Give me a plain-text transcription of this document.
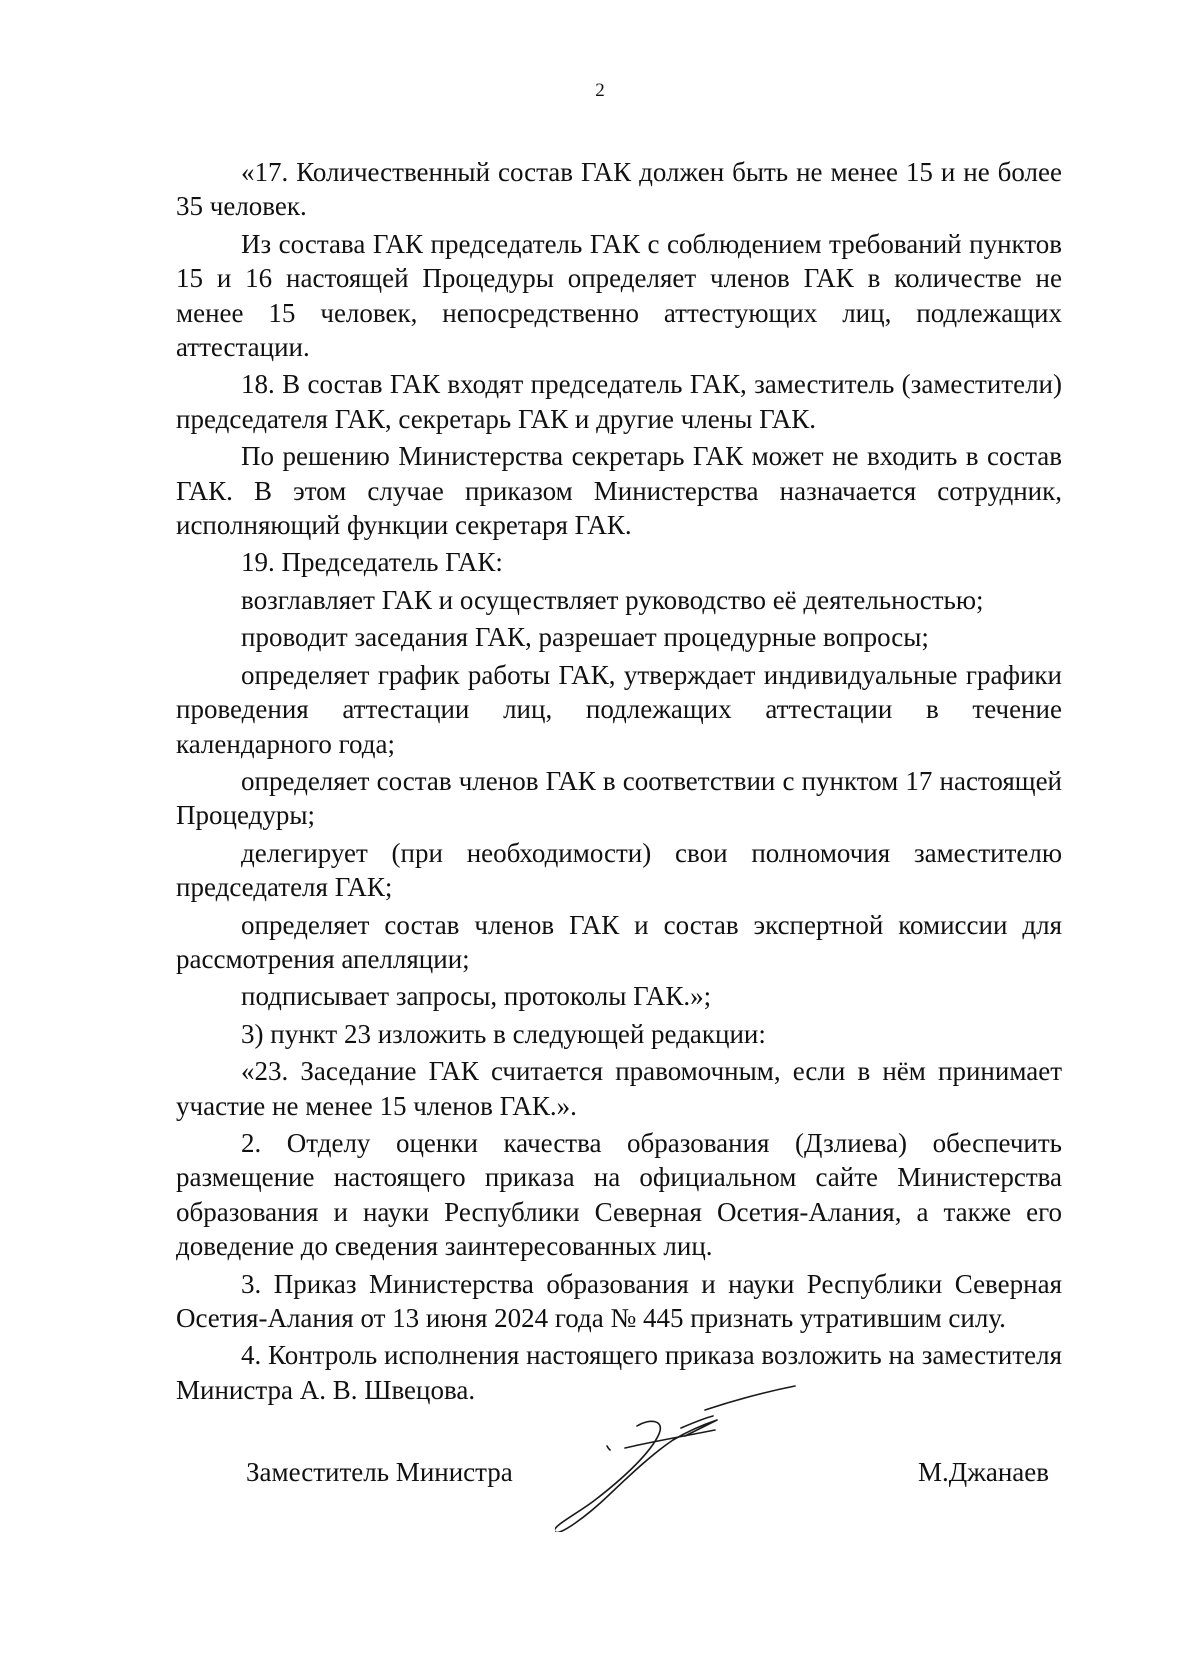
2

«17. Количественный состав ГАК должен быть не менее 15 и не более 35 человек.

Из состава ГАК председатель ГАК с соблюдением требований пунктов 15 и 16 настоящей Процедуры определяет членов ГАК в количестве не менее 15 человек, непосредственно аттестующих лиц, подлежащих аттестации.

18. В состав ГАК входят председатель ГАК, заместитель (заместители) председателя ГАК, секретарь ГАК и другие члены ГАК.

По решению Министерства секретарь ГАК может не входить в состав ГАК. В этом случае приказом Министерства назначается сотрудник, исполняющий функции секретаря ГАК.

19. Председатель ГАК:

возглавляет ГАК и осуществляет руководство её деятельностью;

проводит заседания ГАК, разрешает процедурные вопросы;

определяет график работы ГАК, утверждает индивидуальные графики проведения аттестации лиц, подлежащих аттестации в течение календарного года;

определяет состав членов ГАК в соответствии с пунктом 17 настоящей Процедуры;

делегирует (при необходимости) свои полномочия заместителю председателя ГАК;

определяет состав членов ГАК и состав экспертной комиссии для рассмотрения апелляции;

подписывает запросы, протоколы ГАК.»;

3) пункт 23 изложить в следующей редакции:

«23. Заседание ГАК считается правомочным, если в нём принимает участие не менее 15 членов ГАК.».

2. Отделу оценки качества образования (Дзлиева) обеспечить размещение настоящего приказа на официальном сайте Министерства образования и науки Республики Северная Осетия-Алания, а также его доведение до сведения заинтересованных лиц.

3. Приказ Министерства образования и науки Республики Северная Осетия-Алания от 13 июня 2024 года № 445 признать утратившим силу.

4. Контроль исполнения настоящего приказа возложить на заместителя Министра А. В. Швецова.

Заместитель Министра	М.Джанаев
